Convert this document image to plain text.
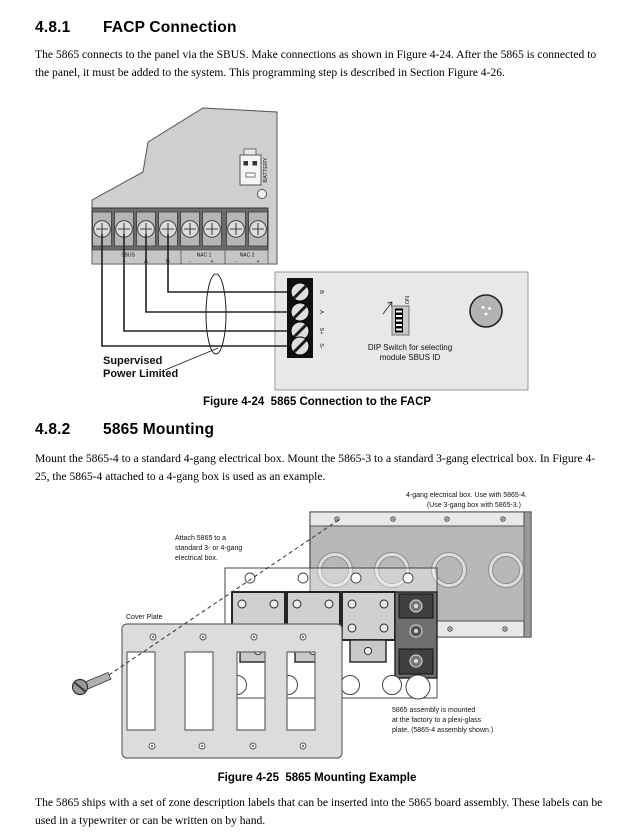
4.8.1	FACP Connection
The 5865 connects to the panel via the SBUS. Make connections as shown in Figure 4-24. After the 5865 is connected to the panel, it must be added to the system. This programming step is described in Section Figure 4-26.
SBUS	NAC 1	NAC 2
-	+	A	B	-	+	-	+
BATTERY
B
A
S+
S-
ON
DIP Switch for selecting
module SBUS ID
Supervised
Power Limited
Figure 4-24  5865 Connection to the FACP
4.8.2	5865 Mounting
Mount the 5865-4 to a standard 4-gang electrical box. Mount the 5865-3 to a standard 3-gang electrical box. In Figure 4-25, the 5865-4 attached to a 4-gang box is used as an example.
4-gang electrical box. Use with 5865-4.
(Use 3-gang box with 5865-3.)
Attach 5865 to a
standard 3- or 4-gang
electrical box.
Cover Plate
5865 assembly is mounted
at the factory to a plexi-glass
plate. (5865-4 assembly shown.)
Figure 4-25  5865 Mounting Example
The 5865 ships with a set of zone description labels that can be inserted into the 5865 board assembly. These labels can be used in a typewriter or can be written on by hand.
